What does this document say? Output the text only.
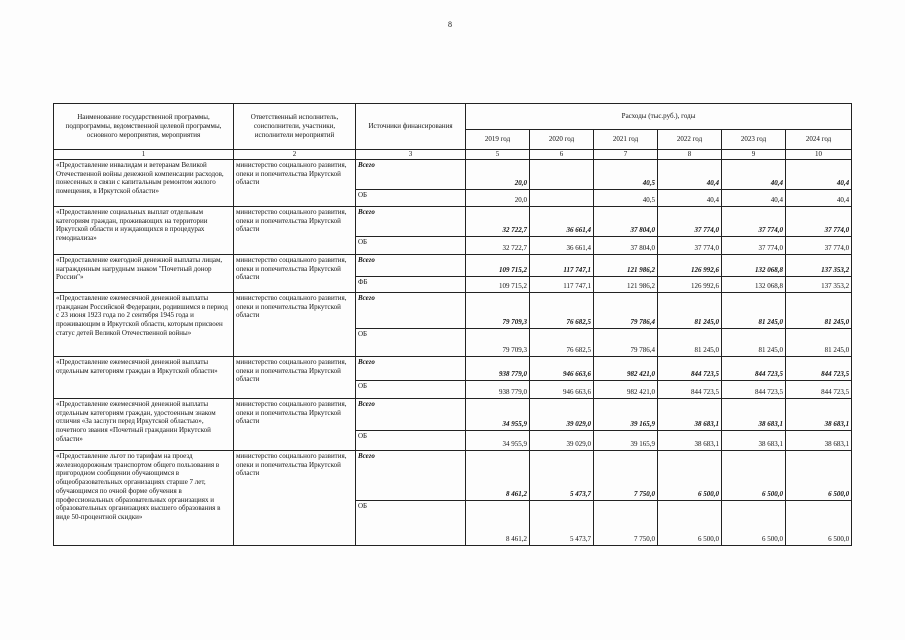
8
Наименование государственной программы, подпрограммы, ведомственной целевой программы, основного мероприятия, мероприятия	Ответственный исполнитель, соисполнители, участники, исполнители мероприятий	Источники финансирования	Расходы (тыс.руб.), годы					
			2019 год	2020 год	2021 год	2022 год	2023 год	2024 год
1	2	3	5	6	7	8	9	10
«Предоставление инвалидам и ветеранам Великой Отечественной войны денежной компенсации расходов, понесенных в связи с капитальным ремонтом жилого помещения, в Иркутской области»	министерство социального развития, опеки и попечительства Иркутской области	Всего	20,0		40,5	40,4	40,4	40,4
		ОБ	20,0		40,5	40,4	40,4	40,4
«Предоставление социальных выплат отдельным категориям граждан, проживающих на территории Иркутской области и нуждающихся в процедурах гемодиализа»	министерство социального развития, опеки и попечительства Иркутской области	Всего	32 722,7	36 661,4	37 804,0	37 774,0	37 774,0	37 774,0
		ОБ	32 722,7	36 661,4	37 804,0	37 774,0	37 774,0	37 774,0
«Предоставление ежегодной денежной выплаты лицам, награжденным нагрудным знаком "Почетный донор России"»	министерство социального развития, опеки и попечительства Иркутской области	Всего	109 715,2	117 747,1	121 986,2	126 992,6	132 068,8	137 353,2
		ФБ	109 715,2	117 747,1	121 986,2	126 992,6	132 068,8	137 353,2
«Предоставление ежемесячной денежной выплаты гражданам Российской Федерации, родившимся в период с 23 июня 1923 года по 2 сентября 1945 года и проживающим в Иркутской области, которым присвоен статус детей Великой Отечественной войны»	министерство социального развития, опеки и попечительства Иркутской области	Всего	79 709,3	76 682,5	79 786,4	81 245,0	81 245,0	81 245,0
		ОБ	79 709,3	76 682,5	79 786,4	81 245,0	81 245,0	81 245,0
«Предоставление ежемесячной денежной выплаты отдельным категориям граждан в Иркутской области»	министерство социального развития, опеки и попечительства Иркутской области	Всего	938 779,0	946 663,6	982 421,0	844 723,5	844 723,5	844 723,5
		ОБ	938 779,0	946 663,6	982 421,0	844 723,5	844 723,5	844 723,5
«Предоставление ежемесячной денежной выплаты отдельным категориям граждан, удостоенным знаком отличия «За заслуги перед Иркутской областью», почетного звания «Почетный гражданин Иркутской области»	министерство социального развития, опеки и попечительства Иркутской области	Всего	34 955,9	39 029,0	39 165,9	38 683,1	38 683,1	38 683,1
		ОБ	34 955,9	39 029,0	39 165,9	38 683,1	38 683,1	38 683,1
«Предоставление льгот по тарифам на проезд железнодорожным транспортом общего пользования в пригородном сообщении обучающимся в общеобразовательных организациях старше 7 лет, обучающимся по очной форме обучения в профессиональных образовательных организациях и образовательных организациях высшего образования в виде 50-процентной скидки»	министерство социального развития, опеки и попечительства Иркутской области	Всего	8 461,2	5 473,7	7 750,0	6 500,0	6 500,0	6 500,0
		ОБ	8 461,2	5 473,7	7 750,0	6 500,0	6 500,0	6 500,0
